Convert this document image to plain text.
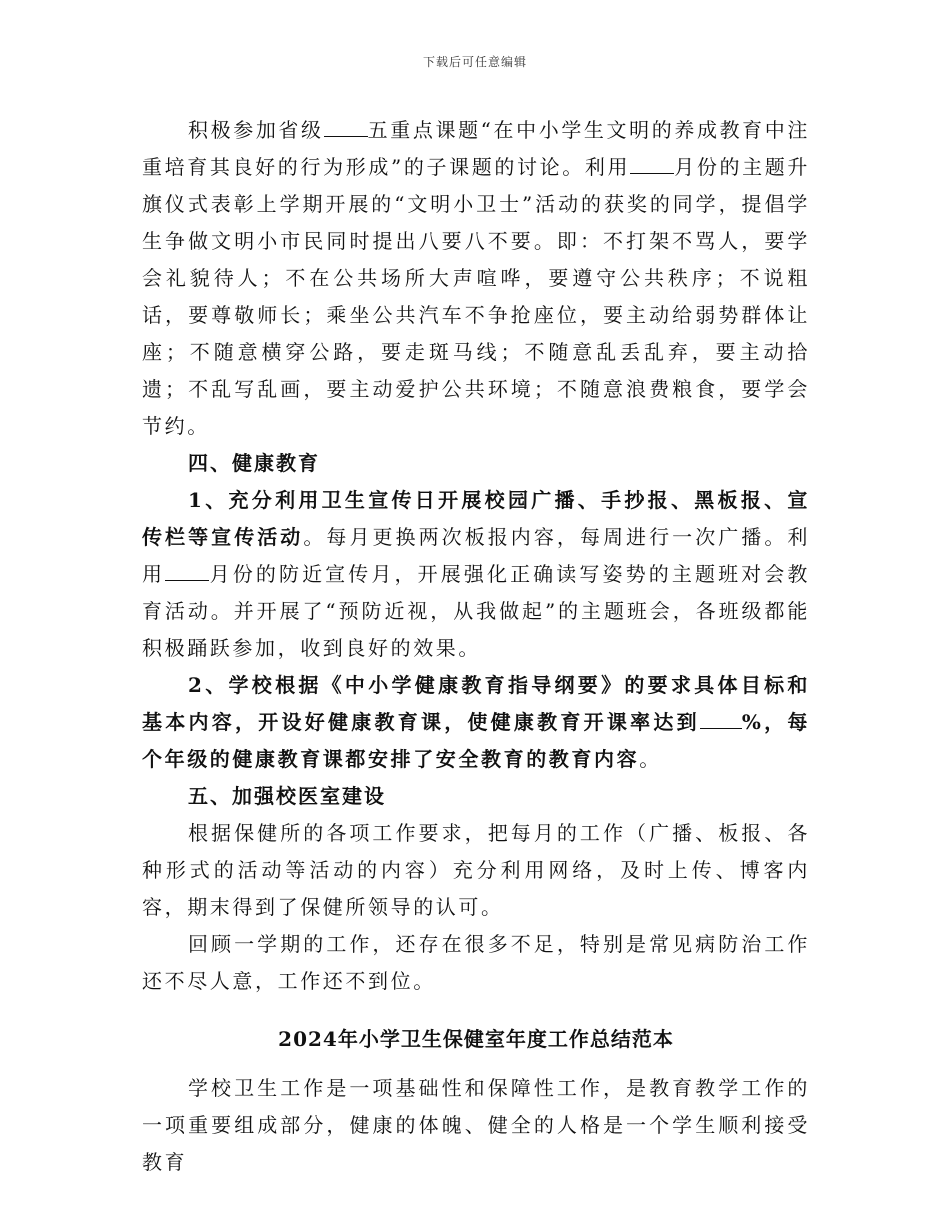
下载后可任意编辑

积极参加省级 五重点课题“在中小学生文明的养成教育中注重培育其良好的行为形成”的子课题的讨论。利用 月份的主题升旗仪式表彰上学期开展的“文明小卫士”活动的获奖的同学，提倡学生争做文明小市民同时提出八要八不要。即：不打架不骂人，要学会礼貌待人；不在公共场所大声喧哗，要遵守公共秩序；不说粗话，要尊敬师长；乘坐公共汽车不争抢座位，要主动给弱势群体让座；不随意横穿公路，要走斑马线；不随意乱丢乱弃，要主动拾遗；不乱写乱画，要主动爱护公共环境；不随意浪费粮食，要学会节约。

四、健康教育

1、充分利用卫生宣传日开展校园广播、手抄报、黑板报、宣传栏等宣传活动。每月更换两次板报内容，每周进行一次广播。利用 月份的防近宣传月，开展强化正确读写姿势的主题班对会教育活动。并开展了“预防近视，从我做起”的主题班会，各班级都能积极踊跃参加，收到良好的效果。

2、学校根据《中小学健康教育指导纲要》的要求具体目标和基本内容，开设好健康教育课，使健康教育开课率达到 %，每个年级的健康教育课都安排了安全教育的教育内容。

五、加强校医室建设

根据保健所的各项工作要求，把每月的工作（广播、板报、各种形式的活动等活动的内容）充分利用网络，及时上传、博客内容，期末得到了保健所领导的认可。

回顾一学期的工作，还存在很多不足，特别是常见病防治工作还不尽人意，工作还不到位。

2024年小学卫生保健室年度工作总结范本

学校卫生工作是一项基础性和保障性工作，是教育教学工作的一项重要组成部分，健康的体魄、健全的人格是一个学生顺利接受教育
